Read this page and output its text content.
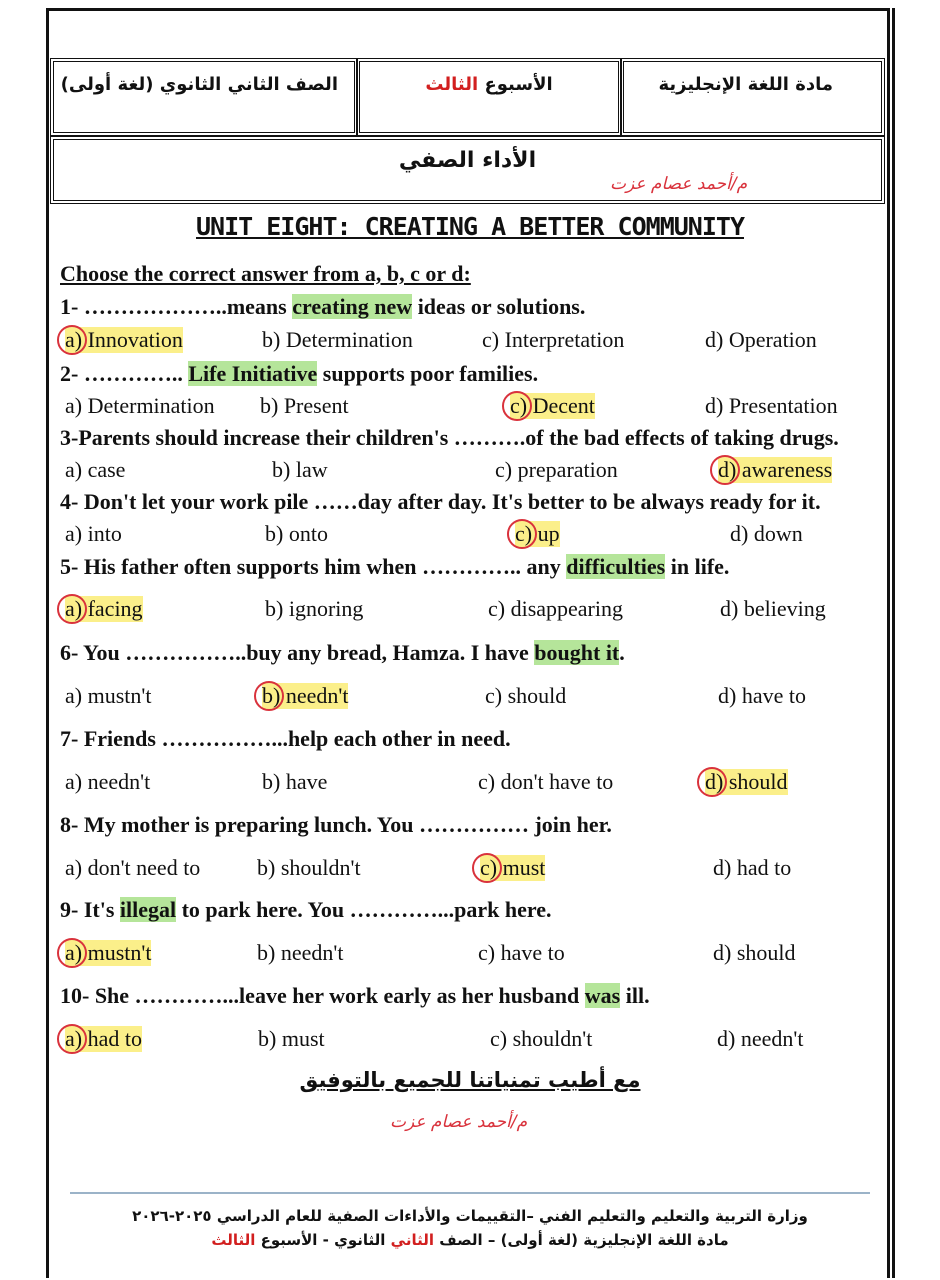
مادة اللغة الإنجليزية
الأسبوع الثالث
الصف الثاني الثانوي (لغة أولى)
الأداء الصفي
م/أحمد عصام عزت
UNIT EIGHT: CREATING A BETTER COMMUNITY
Choose the correct answer from a, b, c or d:
1- ………………..means creating new ideas or solutions.
a) Innovation	b) Determination	c) Interpretation	d) Operation
2- ………….. Life Initiative supports poor families.
a) Determination b) Present	c) Decent	d) Presentation
3-Parents should increase their children's ……….of the bad effects of taking drugs.
a) case	b) law	c) preparation	d) awareness
4- Don't let your work pile ……day after day. It's better to be always ready for it.
a) into	b) onto	c) up	d) down
5- His father often supports him when ………….. any difficulties in life.
a) facing	b) ignoring	c) disappearing	d) believing
6- You ……………..buy any bread, Hamza. I have bought it.
a) mustn't	b) needn't	c) should	d) have to
7- Friends ……………...help each other in need.
a) needn't	b) have	c) don't have to	d) should
8- My mother is preparing lunch. You …………… join her.
a) don't need to	b) shouldn't	c) must	d) had to
9- It's illegal to park here. You …………...park here.
a) mustn't	b) needn't	c) have to	d) should
10- She …………...leave her work early as her husband was ill.
a) had to	b) must	c) shouldn't	d) needn't
مع أطيب تمنياتنا للجميع بالتوفيق
م/أحمد عصام عزت
وزارة التربية والتعليم والتعليم الفني –التقييمات والأداءات الصفية للعام الدراسي ٢٠٢٥-٢٠٢٦
مادة اللغة الإنجليزية (لغة أولى) – الصف الثاني الثانوي - الأسبوع الثالث
